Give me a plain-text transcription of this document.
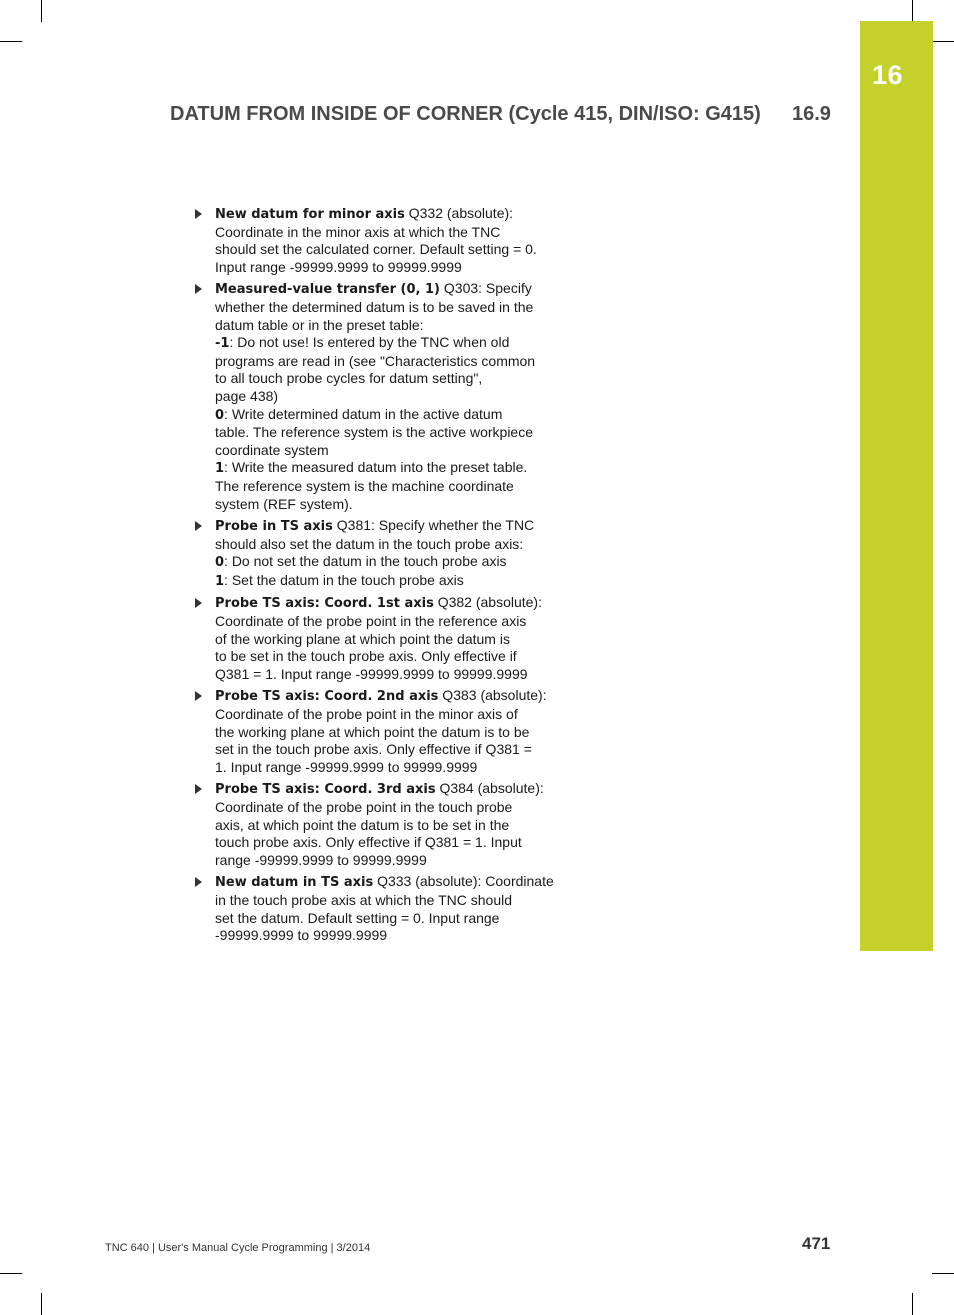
16
DATUM FROM INSIDE OF CORNER (Cycle 415, DIN/ISO: G415) 16.9
New datum for minor axis Q332 (absolute):
Coordinate in the minor axis at which the TNC
should set the calculated corner. Default setting = 0.
Input range -99999.9999 to 99999.9999
Measured-value transfer (0, 1) Q303: Specify
whether the determined datum is to be saved in the
datum table or in the preset table:
-1: Do not use! Is entered by the TNC when old
programs are read in (see "Characteristics common
to all touch probe cycles for datum setting",
page 438)
0: Write determined datum in the active datum
table. The reference system is the active workpiece
coordinate system
1: Write the measured datum into the preset table.
The reference system is the machine coordinate
system (REF system).
Probe in TS axis Q381: Specify whether the TNC
should also set the datum in the touch probe axis:
0: Do not set the datum in the touch probe axis
1: Set the datum in the touch probe axis
Probe TS axis: Coord. 1st axis Q382 (absolute):
Coordinate of the probe point in the reference axis
of the working plane at which point the datum is
to be set in the touch probe axis. Only effective if
Q381 = 1. Input range -99999.9999 to 99999.9999
Probe TS axis: Coord. 2nd axis Q383 (absolute):
Coordinate of the probe point in the minor axis of
the working plane at which point the datum is to be
set in the touch probe axis. Only effective if Q381 =
1. Input range -99999.9999 to 99999.9999
Probe TS axis: Coord. 3rd axis Q384 (absolute):
Coordinate of the probe point in the touch probe
axis, at which point the datum is to be set in the
touch probe axis. Only effective if Q381 = 1. Input
range -99999.9999 to 99999.9999
New datum in TS axis Q333 (absolute): Coordinate
in the touch probe axis at which the TNC should
set the datum. Default setting = 0. Input range
-99999.9999 to 99999.9999
TNC 640 | User's Manual Cycle Programming | 3/2014	471
